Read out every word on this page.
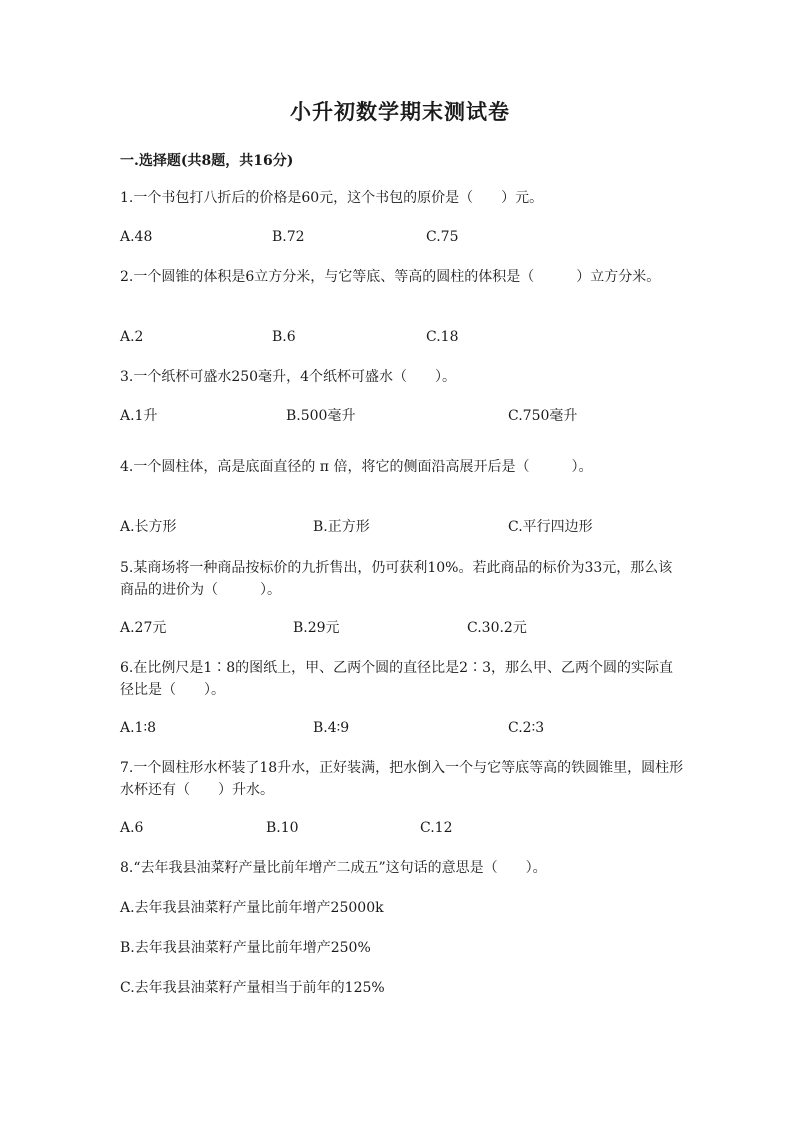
小升初数学期末测试卷
一.选择题(共8题，共16分)
1.一个书包打八折后的价格是60元，这个书包的原价是（　　）元。
A.48	B.72	C.75
2.一个圆锥的体积是6立方分米，与它等底、等高的圆柱的体积是（　　　）立方分米。
A.2	B.6	C.18
3.一个纸杯可盛水250毫升，4个纸杯可盛水（　　）。
A.1升	B.500毫升	C.750毫升
4.一个圆柱体，高是底面直径的 π 倍，将它的侧面沿高展开后是（　　　）。
A.长方形	B.正方形	C.平行四边形
5.某商场将一种商品按标价的九折售出，仍可获利10%。若此商品的标价为33元，那么该商品的进价为（　　　）。
A.27元	B.29元	C.30.2元
6.在比例尺是1∶8的图纸上，甲、乙两个圆的直径比是2∶3，那么甲、乙两个圆的实际直径比是（　　）。
A.1∶8	B.4∶9	C.2∶3
7.一个圆柱形水杯装了18升水，正好装满，把水倒入一个与它等底等高的铁圆锥里，圆柱形水杯还有（　　）升水。
A.6	B.10	C.12
8.“去年我县油菜籽产量比前年增产二成五”这句话的意思是（　　）。
A.去年我县油菜籽产量比前年增产25000k
B.去年我县油菜籽产量比前年增产250%
C.去年我县油菜籽产量相当于前年的125%
